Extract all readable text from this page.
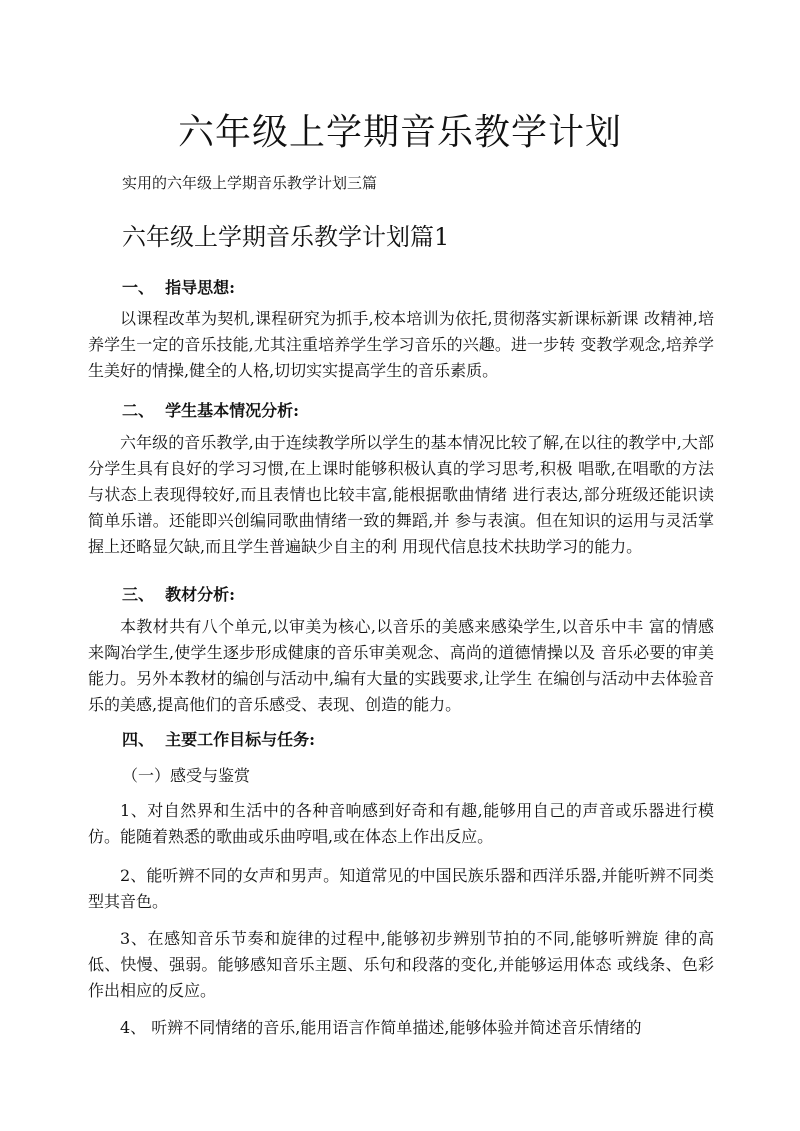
六年级上学期音乐教学计划

实用的六年级上学期音乐教学计划三篇

六年级上学期音乐教学计划篇1

一、  指导思想:

以课程改革为契机,课程研究为抓手,校本培训为依托,贯彻落实新课标新课 改精神,培养学生一定的音乐技能,尤其注重培养学生学习音乐的兴趣。进一步转 变教学观念,培养学生美好的情操,健全的人格,切切实实提高学生的音乐素质。

二、  学生基本情况分析:

六年级的音乐教学,由于连续教学所以学生的基本情况比较了解,在以往的教学中,大部分学生具有良好的学习习惯,在上课时能够积极认真的学习思考,积极 唱歌,在唱歌的方法与状态上表现得较好,而且表情也比较丰富,能根据歌曲情绪 进行表达,部分班级还能识读简单乐谱。还能即兴创编同歌曲情绪一致的舞蹈,并 参与表演。但在知识的运用与灵活掌握上还略显欠缺,而且学生普遍缺少自主的利 用现代信息技术扶助学习的能力。

三、  教材分析:

本教材共有八个单元,以审美为核心,以音乐的美感来感染学生,以音乐中丰 富的情感来陶冶学生,使学生逐步形成健康的音乐审美观念、高尚的道德情操以及 音乐必要的审美能力。另外本教材的编创与活动中,编有大量的实践要求,让学生 在编创与活动中去体验音乐的美感,提高他们的音乐感受、表现、创造的能力。

四、  主要工作目标与任务:

（一）感受与鉴赏

1、对自然界和生活中的各种音响感到好奇和有趣,能够用自己的声音或乐器进行模仿。能随着熟悉的歌曲或乐曲哼唱,或在体态上作出反应。

2、能听辨不同的女声和男声。知道常见的中国民族乐器和西洋乐器,并能听辨不同类型其音色。

3、在感知音乐节奏和旋律的过程中,能够初步辨别节拍的不同,能够听辨旋 律的高低、快慢、强弱。能够感知音乐主题、乐句和段落的变化,并能够运用体态 或线条、色彩作出相应的反应。

4、 听辨不同情绪的音乐,能用语言作简单描述,能够体验并简述音乐情绪的
